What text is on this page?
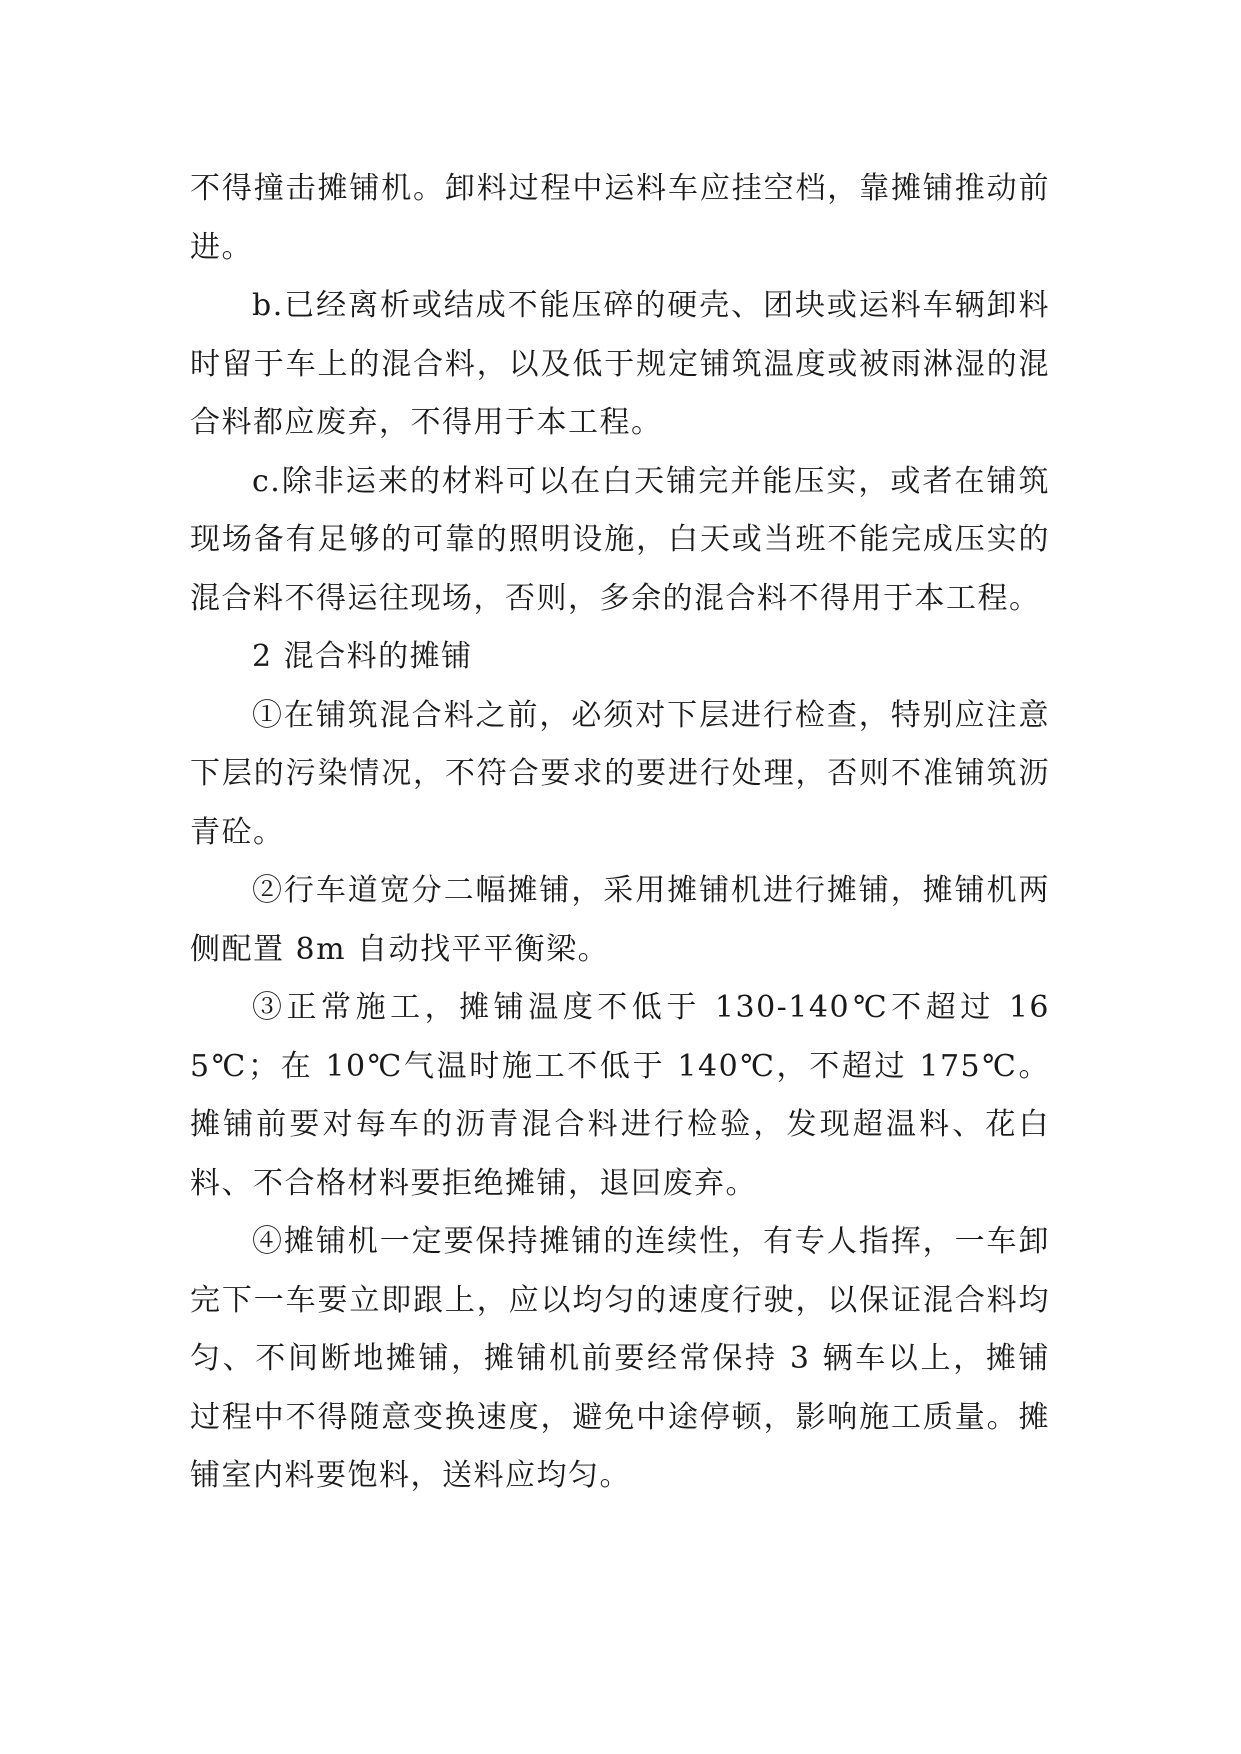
不得撞击摊铺机。卸料过程中运料车应挂空档，靠摊铺推动前进。

b.已经离析或结成不能压碎的硬壳、团块或运料车辆卸料时留于车上的混合料，以及低于规定铺筑温度或被雨淋湿的混合料都应废弃，不得用于本工程。

c.除非运来的材料可以在白天铺完并能压实，或者在铺筑现场备有足够的可靠的照明设施，白天或当班不能完成压实的混合料不得运往现场，否则，多余的混合料不得用于本工程。

2 混合料的摊铺

①在铺筑混合料之前，必须对下层进行检查，特别应注意下层的污染情况，不符合要求的要进行处理，否则不准铺筑沥青砼。

②行车道宽分二幅摊铺，采用摊铺机进行摊铺，摊铺机两侧配置 8m 自动找平平衡梁。

③正常施工，摊铺温度不低于 130-140℃不超过 165℃；在 10℃气温时施工不低于 140℃，不超过 175℃。摊铺前要对每车的沥青混合料进行检验，发现超温料、花白料、不合格材料要拒绝摊铺，退回废弃。

④摊铺机一定要保持摊铺的连续性，有专人指挥，一车卸完下一车要立即跟上，应以均匀的速度行驶，以保证混合料均匀、不间断地摊铺，摊铺机前要经常保持 3 辆车以上，摊铺过程中不得随意变换速度，避免中途停顿，影响施工质量。摊铺室内料要饱料，送料应均匀。
